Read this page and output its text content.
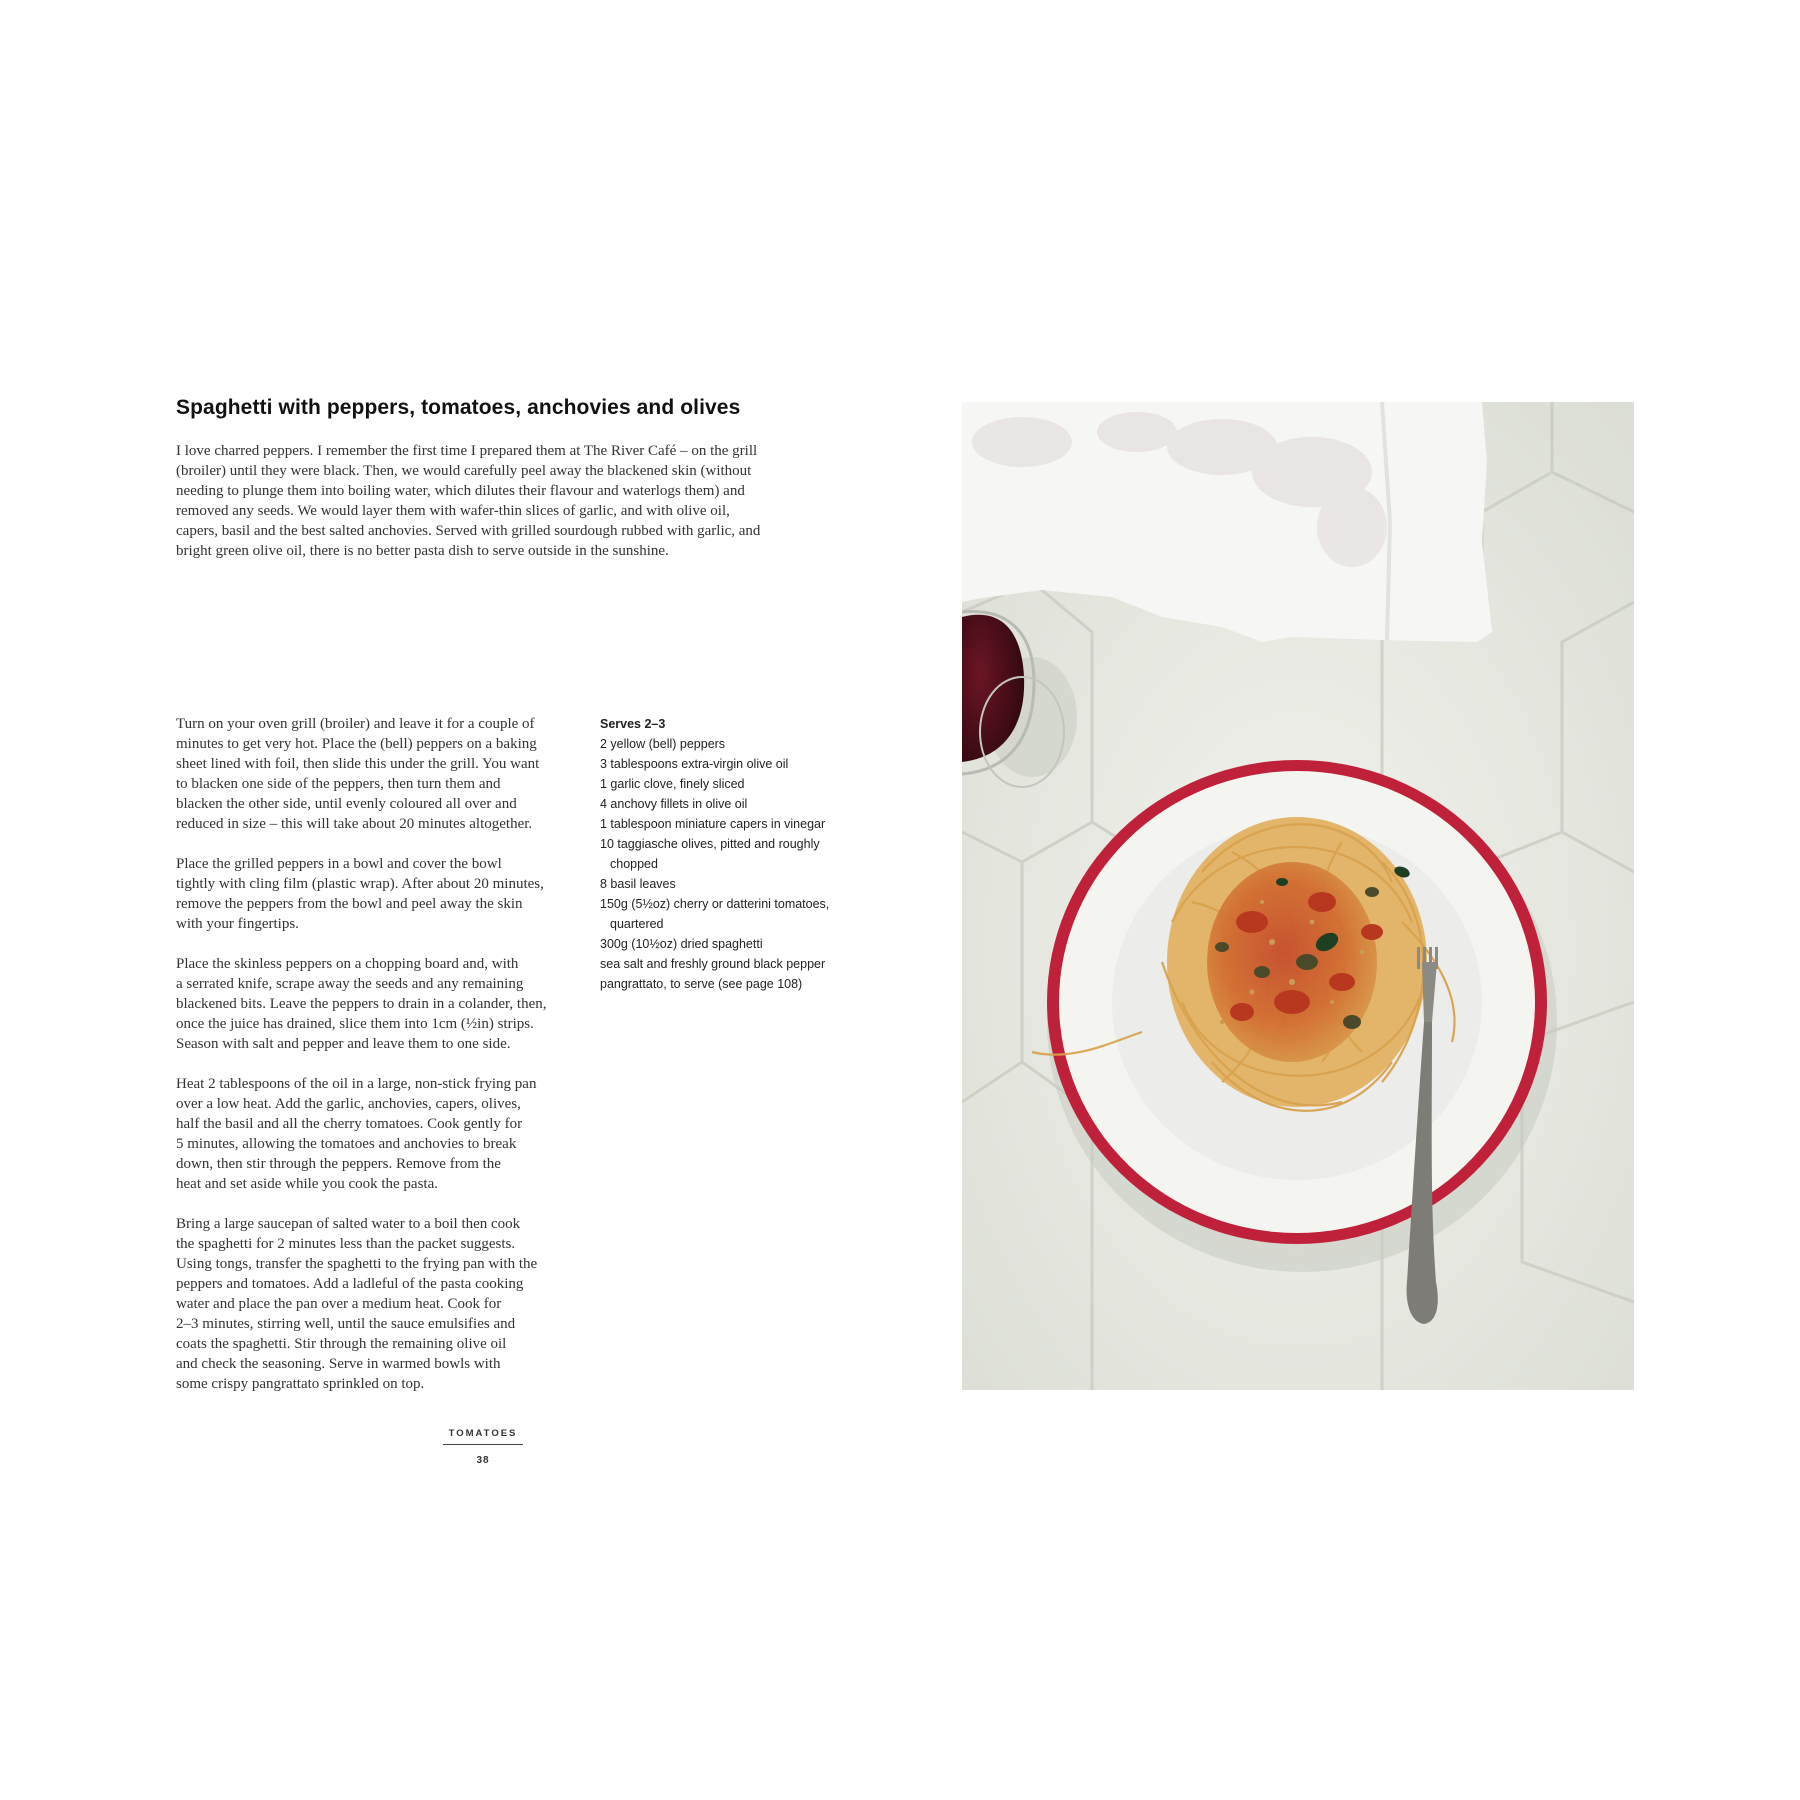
Spaghetti with peppers, tomatoes, anchovies and olives

I love charred peppers. I remember the first time I prepared them at The River Café – on the grill (broiler) until they were black. Then, we would carefully peel away the blackened skin (without needing to plunge them into boiling water, which dilutes their flavour and waterlogs them) and removed any seeds. We would layer them with wafer-thin slices of garlic, and with olive oil, capers, basil and the best salted anchovies. Served with grilled sourdough rubbed with garlic, and bright green olive oil, there is no better pasta dish to serve outside in the sunshine.

Turn on your oven grill (broiler) and leave it for a couple of
minutes to get very hot. Place the (bell) peppers on a baking
sheet lined with foil, then slide this under the grill. You want
to blacken one side of the peppers, then turn them and
blacken the other side, until evenly coloured all over and
reduced in size – this will take about 20 minutes altogether.

Place the grilled peppers in a bowl and cover the bowl
tightly with cling film (plastic wrap). After about 20 minutes,
remove the peppers from the bowl and peel away the skin
with your fingertips.

Place the skinless peppers on a chopping board and, with
a serrated knife, scrape away the seeds and any remaining
blackened bits. Leave the peppers to drain in a colander, then,
once the juice has drained, slice them into 1cm (½in) strips.
Season with salt and pepper and leave them to one side.

Heat 2 tablespoons of the oil in a large, non-stick frying pan
over a low heat. Add the garlic, anchovies, capers, olives,
half the basil and all the cherry tomatoes. Cook gently for
5 minutes, allowing the tomatoes and anchovies to break
down, then stir through the peppers. Remove from the
heat and set aside while you cook the pasta.

Bring a large saucepan of salted water to a boil then cook
the spaghetti for 2 minutes less than the packet suggests.
Using tongs, transfer the spaghetti to the frying pan with the
peppers and tomatoes. Add a ladleful of the pasta cooking
water and place the pan over a medium heat. Cook for
2–3 minutes, stirring well, until the sauce emulsifies and
coats the spaghetti. Stir through the remaining olive oil
and check the seasoning. Serve in warmed bowls with
some crispy pangrattato sprinkled on top.

Serves 2–3

2 yellow (bell) peppers
3 tablespoons extra-virgin olive oil
1 garlic clove, finely sliced
4 anchovy fillets in olive oil
1 tablespoon miniature capers in vinegar
10 taggiasche olives, pitted and roughly chopped
8 basil leaves
150g (5½oz) cherry or datterini tomatoes, quartered
300g (10½oz) dried spaghetti
sea salt and freshly ground black pepper
pangrattato, to serve (see page 108)
TOMATOES
38
